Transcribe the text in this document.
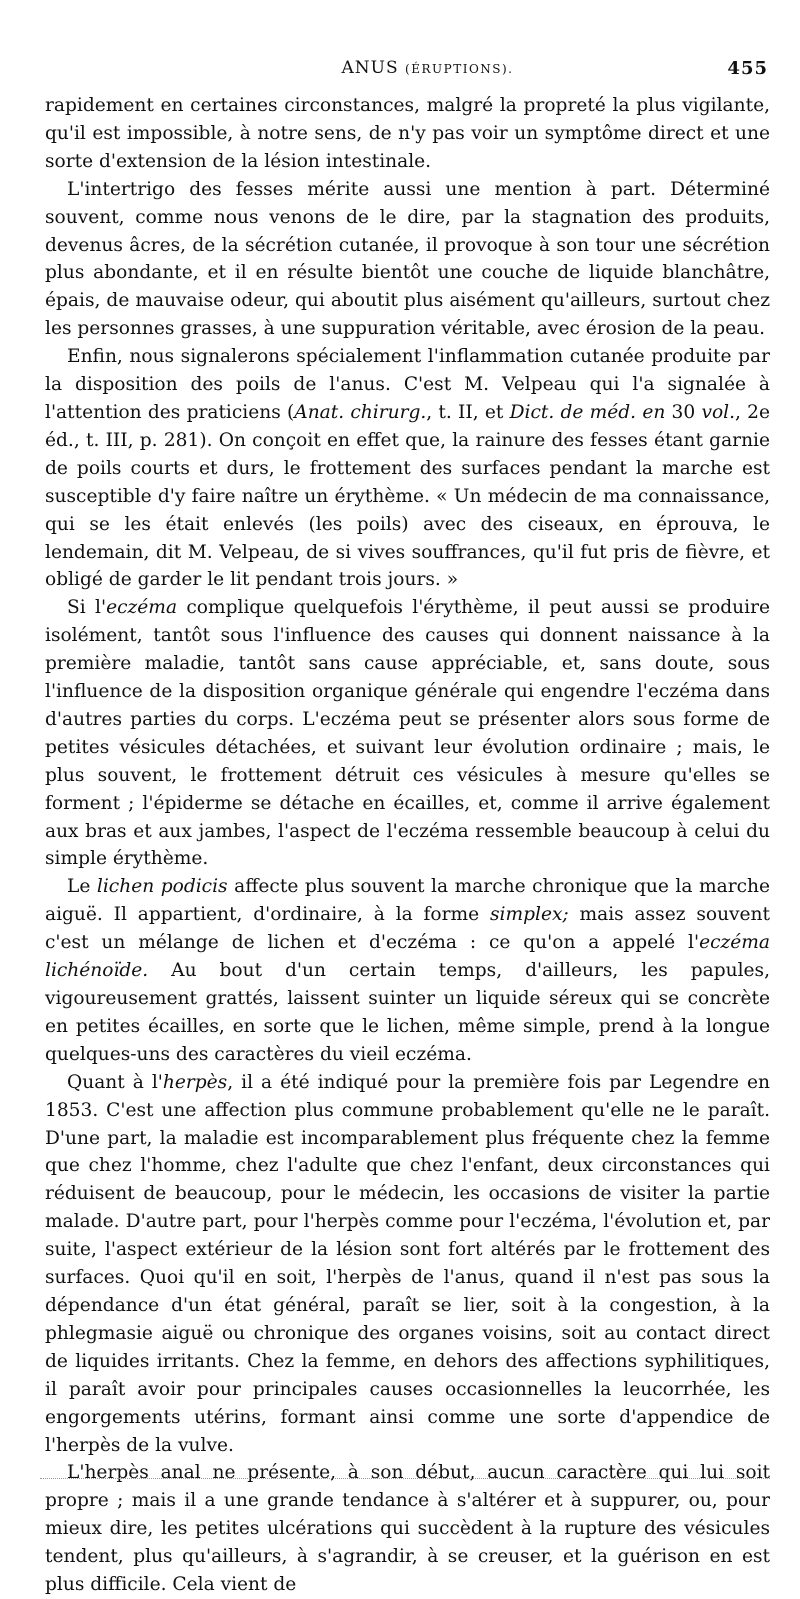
ANUS (ÉRUPTIONS).	455

rapidement en certaines circonstances, malgré la propreté la plus vigilante, qu'il est impossible, à notre sens, de n'y pas voir un symptôme direct et une sorte d'extension de la lésion intestinale.

L'intertrigo des fesses mérite aussi une mention à part. Déterminé souvent, comme nous venons de le dire, par la stagnation des produits, devenus âcres, de la sécrétion cutanée, il provoque à son tour une sécrétion plus abondante, et il en résulte bientôt une couche de liquide blanchâtre, épais, de mauvaise odeur, qui aboutit plus aisément qu'ailleurs, surtout chez les personnes grasses, à une suppuration véritable, avec érosion de la peau.

Enfin, nous signalerons spécialement l'inflammation cutanée produite par la disposition des poils de l'anus. C'est M. Velpeau qui l'a signalée à l'attention des praticiens (Anat. chirurg., t. II, et Dict. de méd. en 30 vol., 2e éd., t. III, p. 281). On conçoit en effet que, la rainure des fesses étant garnie de poils courts et durs, le frottement des surfaces pendant la marche est susceptible d'y faire naître un érythème. « Un médecin de ma connaissance, qui se les était enlevés (les poils) avec des ciseaux, en éprouva, le lendemain, dit M. Velpeau, de si vives souffrances, qu'il fut pris de fièvre, et obligé de garder le lit pendant trois jours. »

Si l'eczéma complique quelquefois l'érythème, il peut aussi se produire isolément, tantôt sous l'influence des causes qui donnent naissance à la première maladie, tantôt sans cause appréciable, et, sans doute, sous l'influence de la disposition organique générale qui engendre l'eczéma dans d'autres parties du corps. L'eczéma peut se présenter alors sous forme de petites vésicules détachées, et suivant leur évolution ordinaire ; mais, le plus souvent, le frottement détruit ces vésicules à mesure qu'elles se forment ; l'épiderme se détache en écailles, et, comme il arrive également aux bras et aux jambes, l'aspect de l'eczéma ressemble beaucoup à celui du simple érythème.

Le lichen podicis affecte plus souvent la marche chronique que la marche aiguë. Il appartient, d'ordinaire, à la forme simplex; mais assez souvent c'est un mélange de lichen et d'eczéma : ce qu'on a appelé l'eczéma lichénoïde. Au bout d'un certain temps, d'ailleurs, les papules, vigoureusement grattés, laissent suinter un liquide séreux qui se concrète en petites écailles, en sorte que le lichen, même simple, prend à la longue quelques-uns des caractères du vieil eczéma.

Quant à l'herpès, il a été indiqué pour la première fois par Legendre en 1853. C'est une affection plus commune probablement qu'elle ne le paraît. D'une part, la maladie est incomparablement plus fréquente chez la femme que chez l'homme, chez l'adulte que chez l'enfant, deux circonstances qui réduisent de beaucoup, pour le médecin, les occasions de visiter la partie malade. D'autre part, pour l'herpès comme pour l'eczéma, l'évolution et, par suite, l'aspect extérieur de la lésion sont fort altérés par le frottement des surfaces. Quoi qu'il en soit, l'herpès de l'anus, quand il n'est pas sous la dépendance d'un état général, paraît se lier, soit à la congestion, à la phlegmasie aiguë ou chronique des organes voisins, soit au contact direct de liquides irritants. Chez la femme, en dehors des affections syphilitiques, il paraît avoir pour principales causes occasionnelles la leucorrhée, les engorgements utérins, formant ainsi comme une sorte d'appendice de l'herpès de la vulve.

L'herpès anal ne présente, à son début, aucun caractère qui lui soit propre ; mais il a une grande tendance à s'altérer et à suppurer, ou, pour mieux dire, les petites ulcérations qui succèdent à la rupture des vésicules tendent, plus qu'ailleurs, à s'agrandir, à se creuser, et la guérison en est plus difficile. Cela vient de
